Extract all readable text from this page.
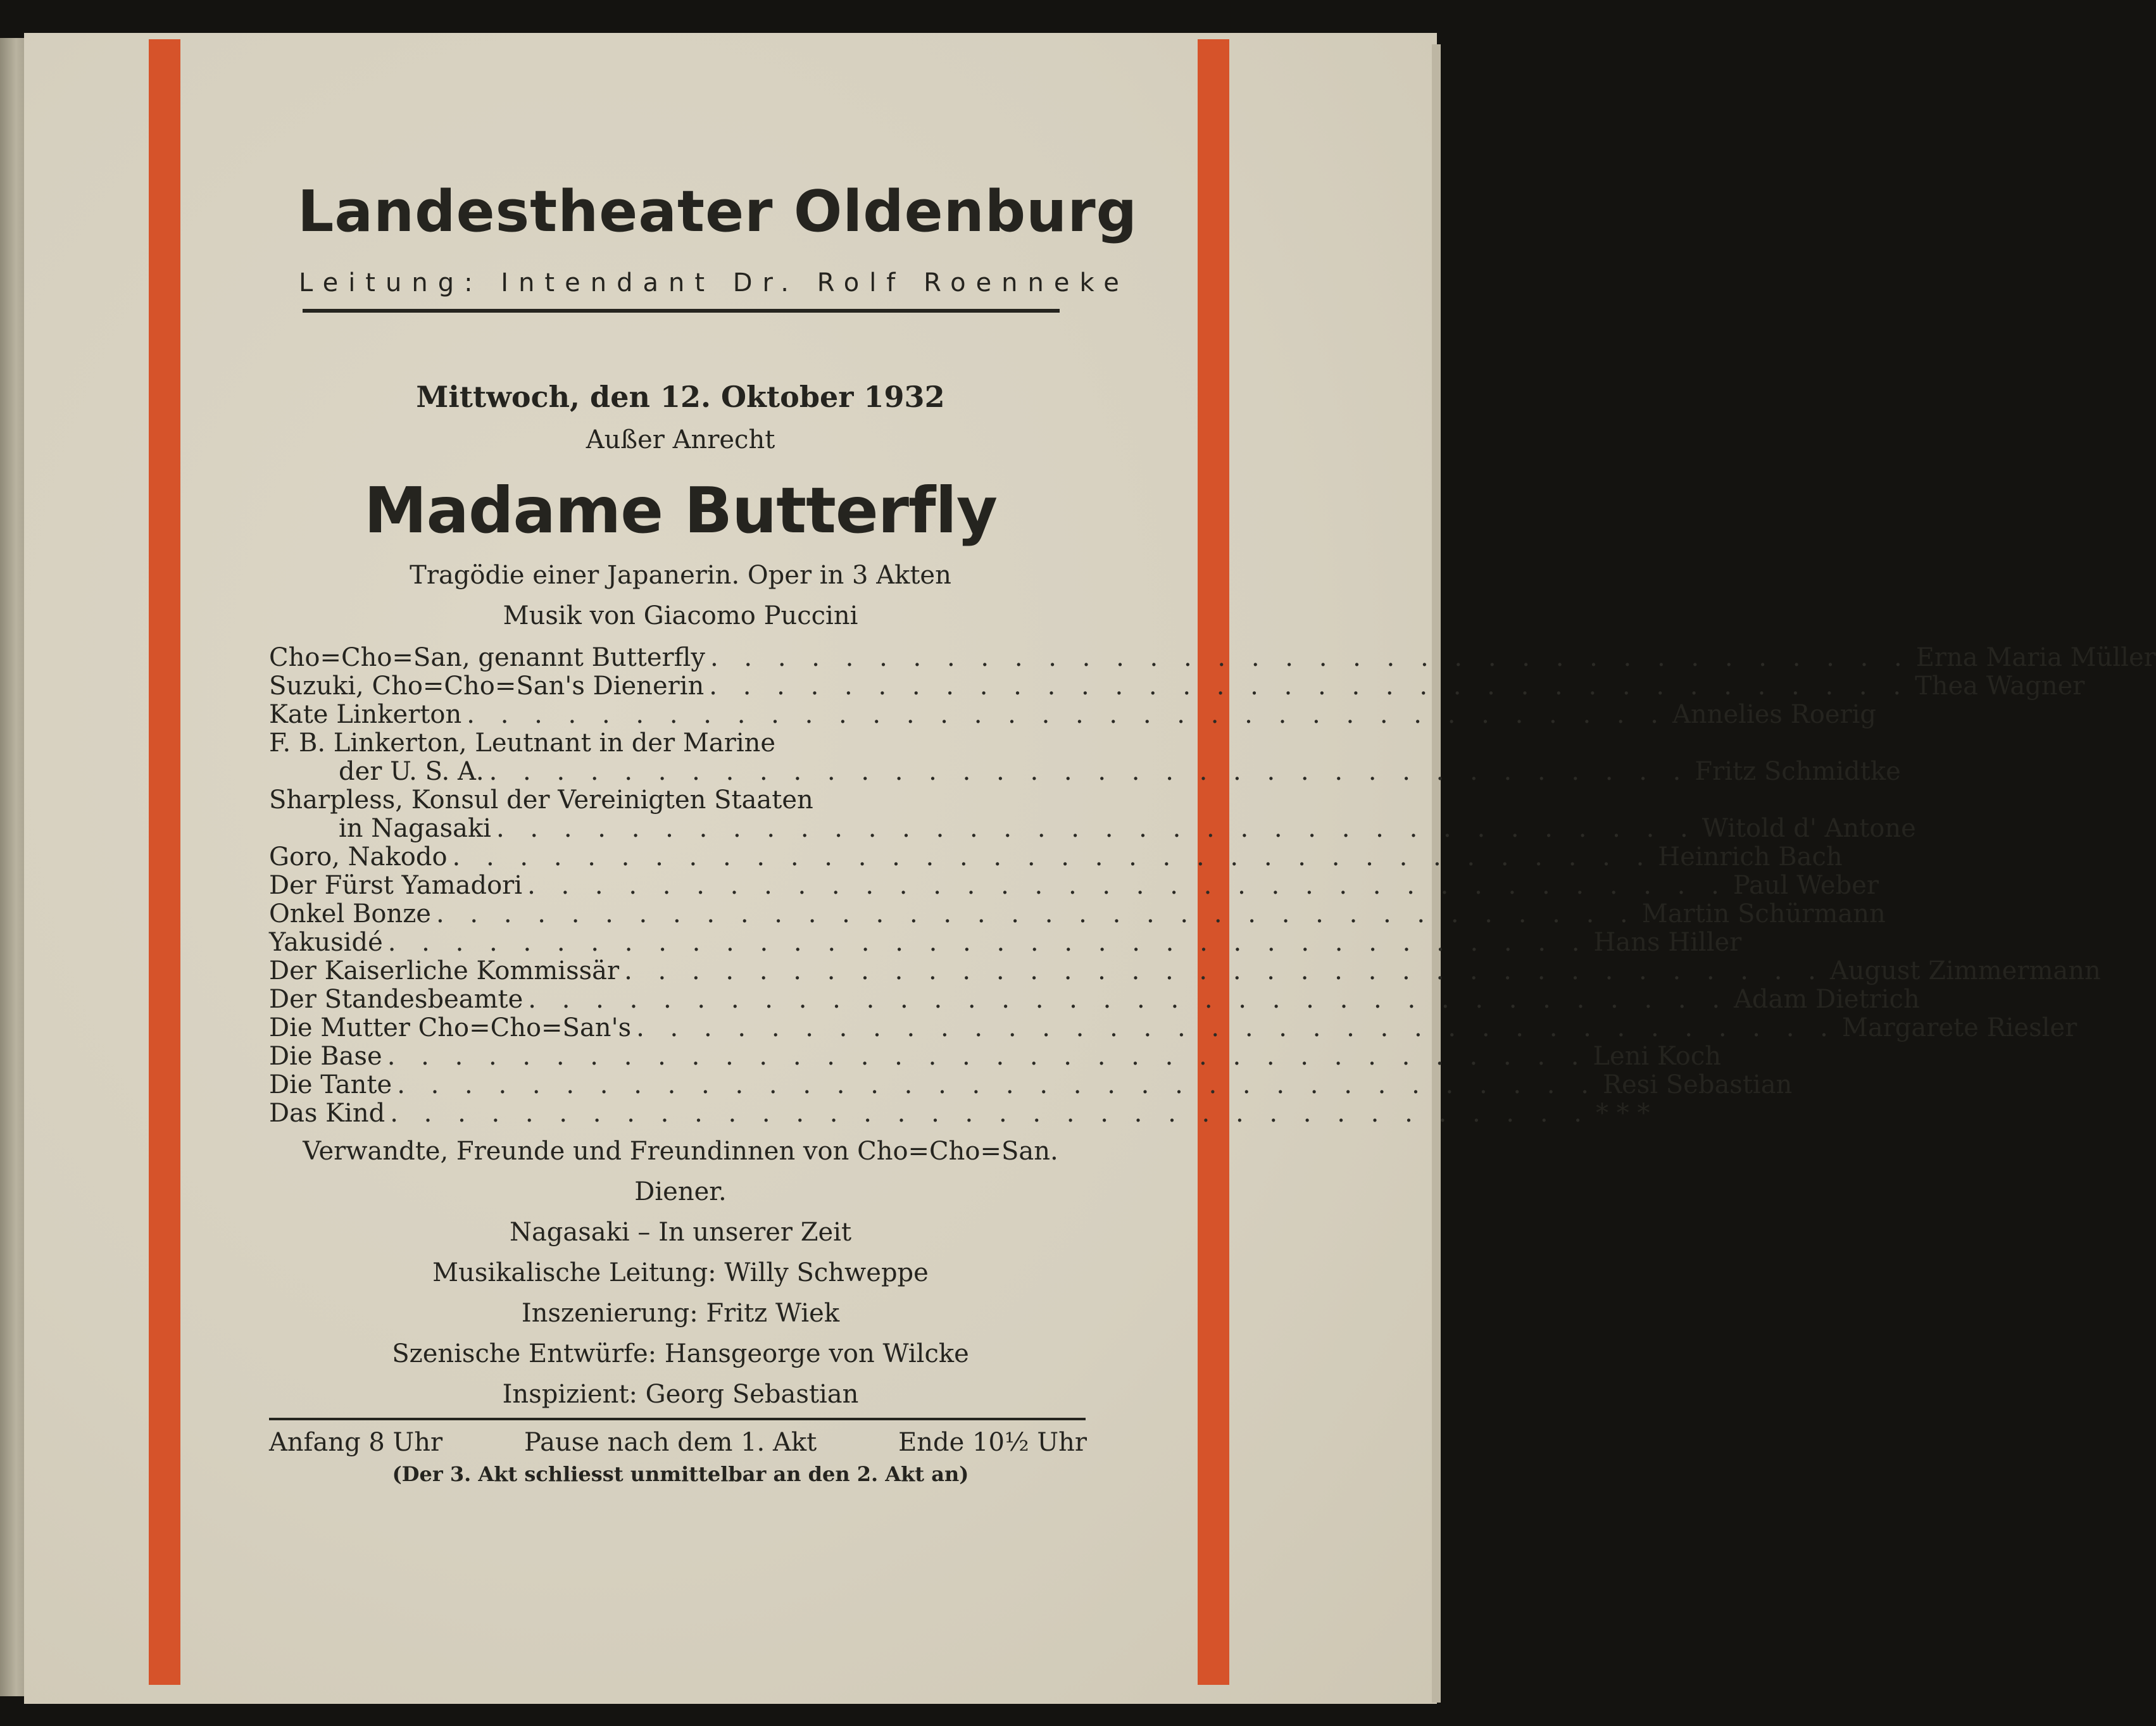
Landestheater Oldenburg
Leitung: Intendant Dr. Rolf Roenneke
Mittwoch, den 12. Oktober 1932
Außer Anrecht
Madame Butterfly
Tragödie einer Japanerin. Oper in 3 Akten
Musik von Giacomo Puccini
Cho=Cho=San, genannt Butterfly . . . . . . . . . . . . . . . . . . . . . . . . . . . . . . . . . . . . Erna Maria Müller
Suzuki, Cho=Cho=San's Dienerin . . . . . . . . . . . . . . . . . . . . . . . . . . . . . . . . . . . . Thea Wagner
Kate Linkerton . . . . . . . . . . . . . . . . . . . . . . . . . . . . . . . . . . . . Annelies Roerig
F. B. Linkerton, Leutnant in der Marine
der U. S. A. . . . . . . . . . . . . . . . . . . . . . . . . . . . . . . . . . . . . Fritz Schmidtke
Sharpless, Konsul der Vereinigten Staaten
in Nagasaki . . . . . . . . . . . . . . . . . . . . . . . . . . . . . . . . . . . . Witold d' Antone
Goro, Nakodo . . . . . . . . . . . . . . . . . . . . . . . . . . . . . . . . . . . . Heinrich Bach
Der Fürst Yamadori . . . . . . . . . . . . . . . . . . . . . . . . . . . . . . . . . . . . Paul Weber
Onkel Bonze . . . . . . . . . . . . . . . . . . . . . . . . . . . . . . . . . . . . Martin Schürmann
Yakusidé . . . . . . . . . . . . . . . . . . . . . . . . . . . . . . . . . . . . Hans Hiller
Der Kaiserliche Kommissär . . . . . . . . . . . . . . . . . . . . . . . . . . . . . . . . . . . . August Zimmermann
Der Standesbeamte . . . . . . . . . . . . . . . . . . . . . . . . . . . . . . . . . . . . Adam Dietrich
Die Mutter Cho=Cho=San's . . . . . . . . . . . . . . . . . . . . . . . . . . . . . . . . . . . . Margarete Riesler
Die Base . . . . . . . . . . . . . . . . . . . . . . . . . . . . . . . . . . . . Leni Koch
Die Tante . . . . . . . . . . . . . . . . . . . . . . . . . . . . . . . . . . . . Resi Sebastian
Das Kind . . . . . . . . . . . . . . . . . . . . . . . . . . . . . . . . . . . . * * *
Verwandte, Freunde und Freundinnen von Cho=Cho=San.
Diener.
Nagasaki – In unserer Zeit
Musikalische Leitung: Willy Schweppe
Inszenierung: Fritz Wiek
Szenische Entwürfe: Hansgeorge von Wilcke
Inspizient: Georg Sebastian
Anfang 8 Uhr	Pause nach dem 1. Akt	Ende 10½ Uhr
(Der 3. Akt schliesst unmittelbar an den 2. Akt an)
